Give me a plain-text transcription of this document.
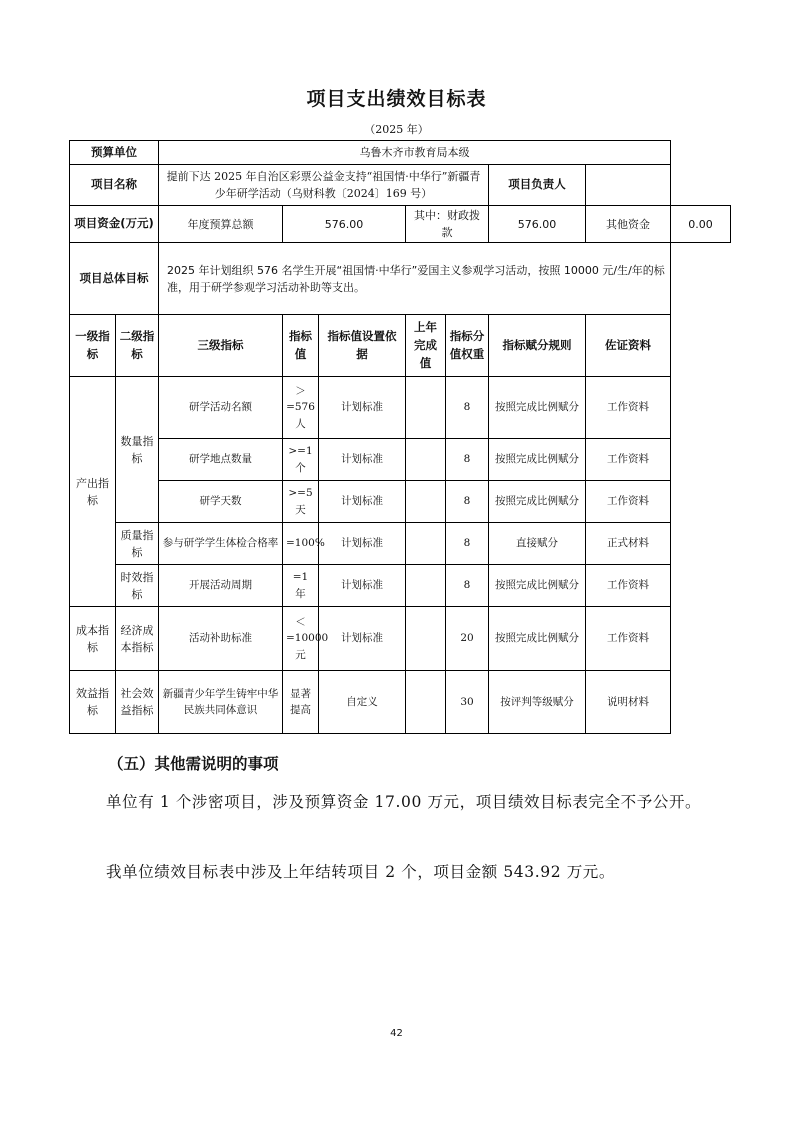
项目支出绩效目标表
（2025 年）
预算单位		乌鲁木齐市教育局本级							
项目名称		提前下达 2025 年自治区彩票公益金支持“祖国情·中华行”新疆青少年研学活动（乌财科教〔2024〕169 号）					项目负责人		
项目资金(万元)		年度预算总额	576.00		其中：财政拨款		576.00	其他资金	0.00
项目总体目标		2025 年计划组织 576 名学生开展“祖国情·中华行”爱国主义参观学习活动，按照 10000 元/生/年的标准，用于研学参观学习活动补助等支出。							
一级指标	二级指标	三级指标	指标值	指标值设置依据	上年完成值	指标分值权重	指标赋分规则	佐证资料	
产出指标	数量指标	研学活动名额	＞=576人	计划标准		8	按照完成比例赋分	工作资料	
		研学地点数量	>=1个	计划标准		8	按照完成比例赋分	工作资料	
		研学天数	>=5天	计划标准		8	按照完成比例赋分	工作资料	
	质量指标	参与研学学生体检合格率	=100%	计划标准		8	直接赋分	正式材料	
	时效指标	开展活动周期	=1 年	计划标准		8	按照完成比例赋分	工作资料	
成本指标	经济成本指标	活动补助标准	＜=10000 元	计划标准		20	按照完成比例赋分	工作资料	
效益指标	社会效益指标	新疆青少年学生铸牢中华民族共同体意识	显著提高	自定义		30	按评判等级赋分	说明材料	
（五）其他需说明的事项
单位有 1 个涉密项目，涉及预算资金 17.00 万元，项目绩效目标表完全不予公开。
我单位绩效目标表中涉及上年结转项目 2 个，项目金额 543.92 万元。
42
